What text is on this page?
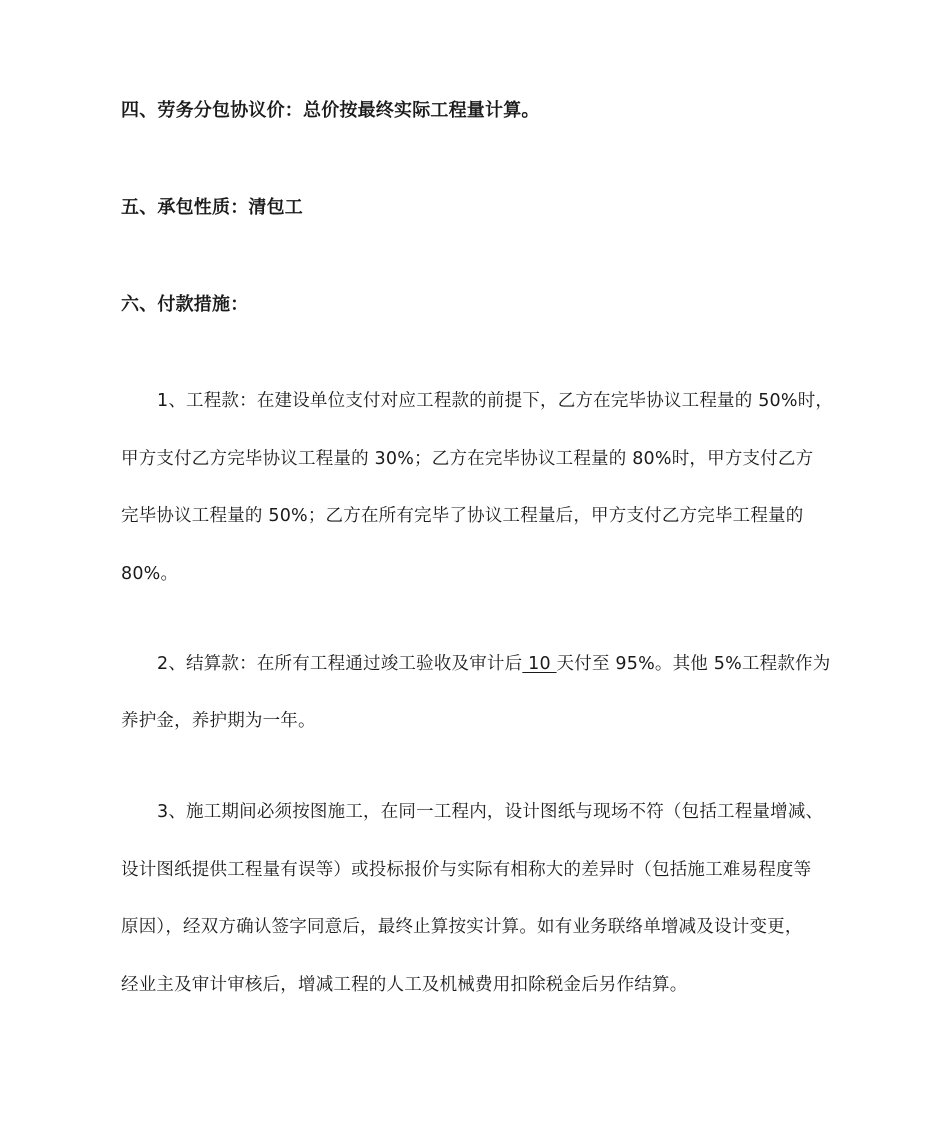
四、劳务分包协议价：总价按最终实际工程量计算。
五、承包性质：清包工
六、付款措施：
1、工程款：在建设单位支付对应工程款的前提下，乙方在完毕协议工程量的 50%时，
甲方支付乙方完毕协议工程量的 30%；乙方在完毕协议工程量的 80%时，甲方支付乙方
完毕协议工程量的 50%；乙方在所有完毕了协议工程量后，甲方支付乙方完毕工程量的
80%。
2、结算款：在所有工程通过竣工验收及审计后 10 天付至 95%。其他 5%工程款作为
养护金，养护期为一年。
3、施工期间必须按图施工，在同一工程内，设计图纸与现场不符（包括工程量增减、
设计图纸提供工程量有误等）或投标报价与实际有相称大的差异时（包括施工难易程度等
原因），经双方确认签字同意后，最终止算按实计算。如有业务联络单增减及设计变更，
经业主及审计审核后，增减工程的人工及机械费用扣除税金后另作结算。
